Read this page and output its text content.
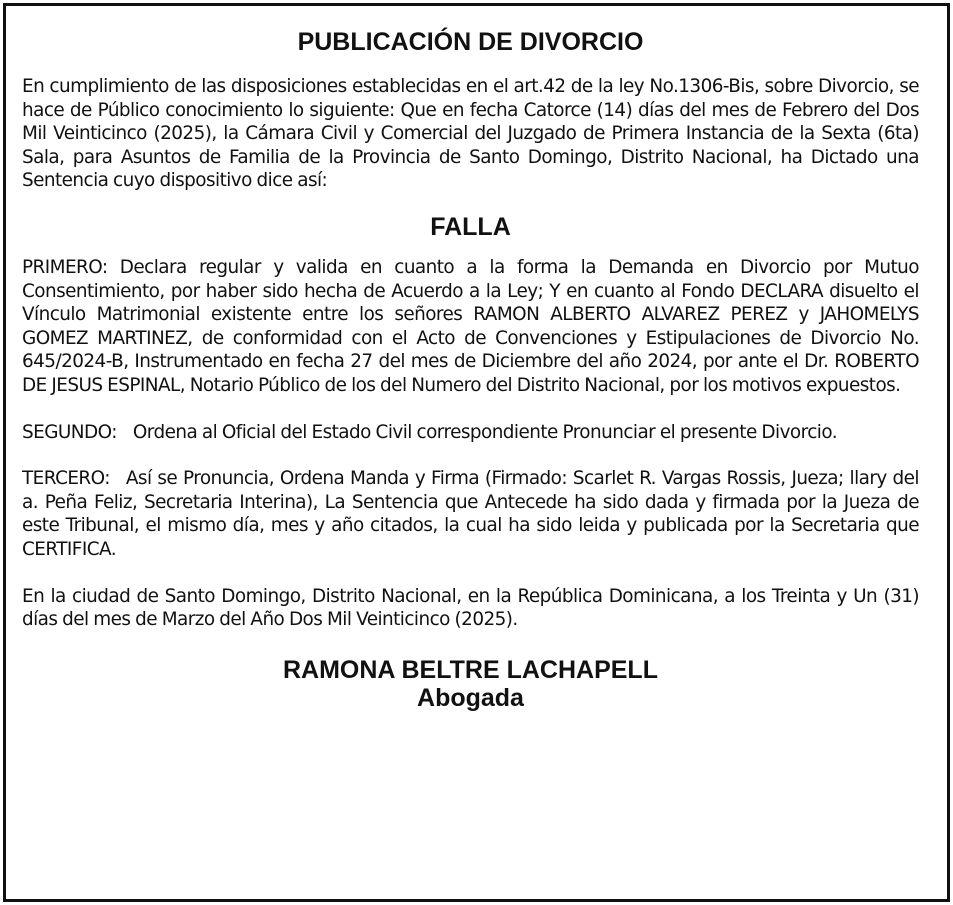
PUBLICACIÓN DE DIVORCIO

En cumplimiento de las disposiciones establecidas en el art.42 de la ley No.1306-Bis, sobre Divorcio, se hace de Público conocimiento lo siguiente: Que en fecha Catorce (14) días del mes de Febrero del Dos Mil Veinticinco (2025), la Cámara Civil y Comercial del Juzgado de Primera Instancia de la Sexta (6ta) Sala, para Asuntos de Familia de la Provincia de Santo Domingo, Distrito Nacional, ha Dictado una Sentencia cuyo dispositivo dice así:

FALLA

PRIMERO: Declara regular y valida en cuanto a la forma la Demanda en Divorcio por Mutuo Consentimiento, por haber sido hecha de Acuerdo a la Ley; Y en cuanto al Fondo DECLARA disuelto el Vínculo Matrimonial existente entre los señores RAMON ALBERTO ALVAREZ PEREZ y JAHOMELYS GOMEZ MARTINEZ, de conformidad con el Acto de Convenciones y Estipulaciones de Divorcio No. 645/2024-B, Instrumentado en fecha 27 del mes de Diciembre del año 2024, por ante el Dr. ROBERTO DE JESUS ESPINAL, Notario Público de los del Numero del Distrito Nacional, por los motivos expuestos.

SEGUNDO: Ordena al Oficial del Estado Civil correspondiente Pronunciar el presente Divorcio.

TERCERO: Así se Pronuncia, Ordena Manda y Firma (Firmado: Scarlet R. Vargas Rossis, Jueza; llary del a. Peña Feliz, Secretaria Interina), La Sentencia que Antecede ha sido dada y firmada por la Jueza de este Tribunal, el mismo día, mes y año citados, la cual ha sido leida y publicada por la Secretaria que CERTIFICA.

En la ciudad de Santo Domingo, Distrito Nacional, en la República Dominicana, a los Treinta y Un (31) días del mes de Marzo del Año Dos Mil Veinticinco (2025).

RAMONA BELTRE LACHAPELL
Abogada
